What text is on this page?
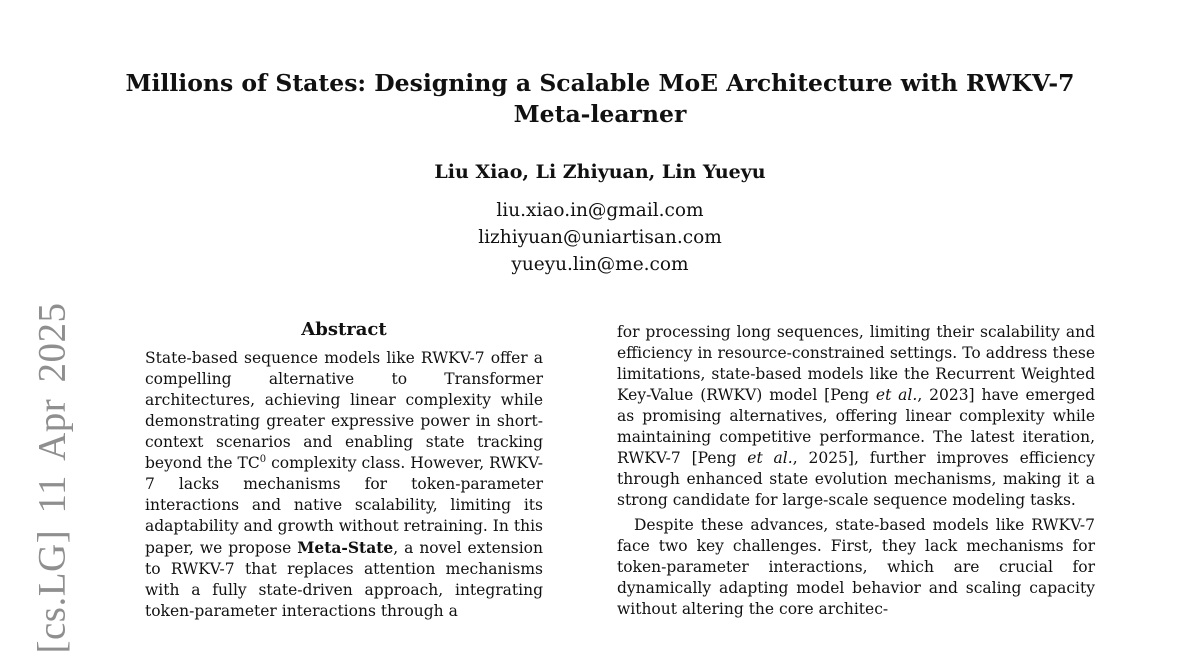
[cs.LG] 11 Apr 2025
Millions of States: Designing a Scalable MoE Architecture with RWKV-7
Meta-learner
Liu Xiao, Li Zhiyuan, Lin Yueyu
liu.xiao.in@gmail.com
lizhiyuan@uniartisan.com
yueyu.lin@me.com
Abstract

State-based sequence models like RWKV-7 offer a compelling alternative to Transformer architectures, achieving linear complexity while demonstrating greater expressive power in short-context scenarios and enabling state tracking beyond the $TC^0$ complexity class. However, RWKV-7 lacks mechanisms for token-parameter interactions and native scalability, limiting its adaptability and growth without retraining. In this paper, we propose Meta-State, a novel extension to RWKV-7 that replaces attention mechanisms with a fully state-driven approach, integrating token-parameter interactions through a

for processing long sequences, limiting their scalability and efficiency in resource-constrained settings. To address these limitations, state-based models like the Recurrent Weighted Key-Value (RWKV) model [Peng et al., 2023] have emerged as promising alternatives, offering linear complexity while maintaining competitive performance. The latest iteration, RWKV-7 [Peng et al., 2025], further improves efficiency through enhanced state evolution mechanisms, making it a strong candidate for large-scale sequence modeling tasks.

Despite these advances, state-based models like RWKV-7 face two key challenges. First, they lack mechanisms for token-parameter interactions, which are crucial for dynamically adapting model behavior and scaling capacity without altering the core architec-
